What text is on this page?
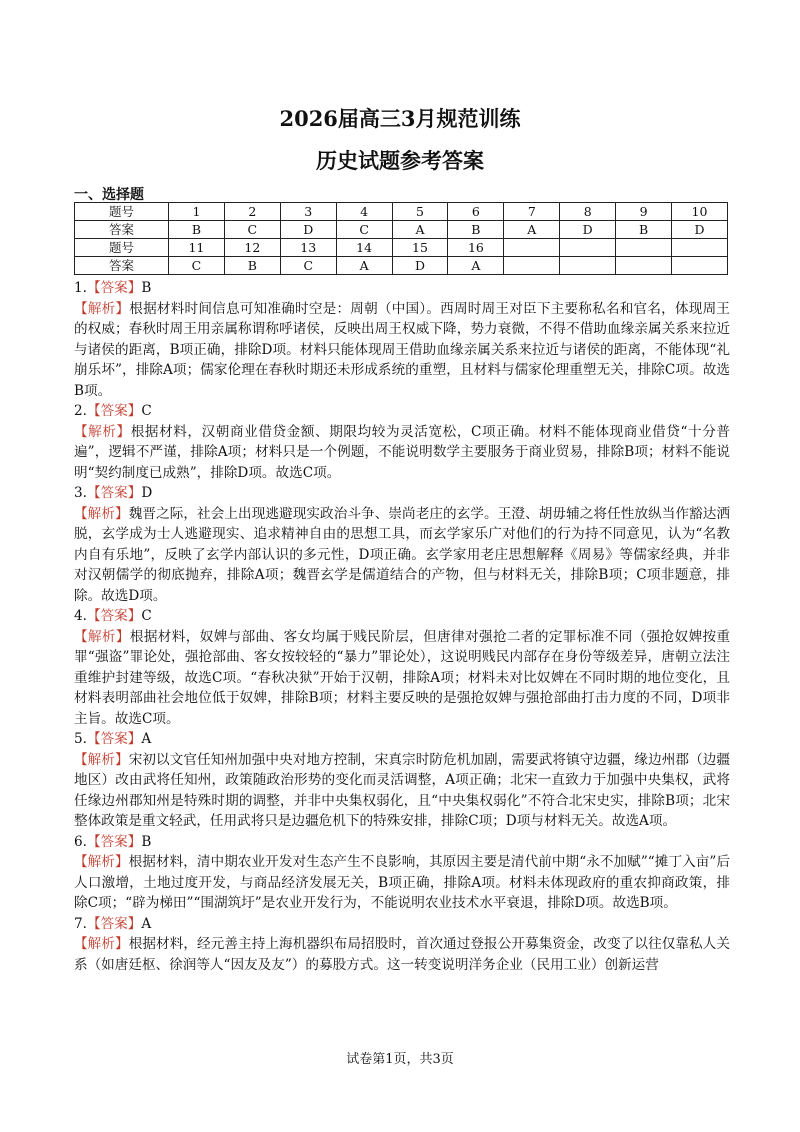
2026届高三3月规范训练
历史试题参考答案
一、选择题
题号	1	2	3	4	5	6	7	8	9	10
答案	B	C	D	C	A	B	A	D	B	D
题号	11	12	13	14	15	16				
答案	C	B	C	A	D	A				

1.【答案】B

【解析】根据材料时间信息可知准确时空是：周朝（中国）。西周时周王对臣下主要称私名和官名，体现周王的权威；春秋时周王用亲属称谓称呼诸侯，反映出周王权威下降，势力衰微，不得不借助血缘亲属关系来拉近与诸侯的距离，B项正确，排除D项。材料只能体现周王借助血缘亲属关系来拉近与诸侯的距离，不能体现“礼崩乐坏”，排除A项；儒家伦理在春秋时期还未形成系统的重塑，且材料与儒家伦理重塑无关，排除C项。故选B项。

2.【答案】C

【解析】根据材料，汉朝商业借贷金额、期限均较为灵活宽松，C项正确。材料不能体现商业借贷“十分普遍”，逻辑不严谨，排除A项；材料只是一个例题，不能说明数学主要服务于商业贸易，排除B项；材料不能说明“契约制度已成熟”，排除D项。故选C项。

3.【答案】D

【解析】魏晋之际，社会上出现逃避现实政治斗争、崇尚老庄的玄学。王澄、胡毋辅之将任性放纵当作豁达洒脱，玄学成为士人逃避现实、追求精神自由的思想工具，而玄学家乐广对他们的行为持不同意见，认为“名教内自有乐地”，反映了玄学内部认识的多元性，D项正确。玄学家用老庄思想解释《周易》等儒家经典，并非对汉朝儒学的彻底抛弃，排除A项；魏晋玄学是儒道结合的产物，但与材料无关，排除B项；C项非题意，排除。故选D项。

4.【答案】C

【解析】根据材料，奴婢与部曲、客女均属于贱民阶层，但唐律对强抢二者的定罪标准不同（强抢奴婢按重罪“强盗”罪论处，强抢部曲、客女按较轻的“暴力”罪论处），这说明贱民内部存在身份等级差异，唐朝立法注重维护封建等级，故选C项。“春秋决狱”开始于汉朝，排除A项；材料未对比奴婢在不同时期的地位变化，且材料表明部曲社会地位低于奴婢，排除B项；材料主要反映的是强抢奴婢与强抢部曲打击力度的不同，D项非主旨。故选C项。

5.【答案】A

【解析】宋初以文官任知州加强中央对地方控制，宋真宗时防危机加剧，需要武将镇守边疆，缘边州郡（边疆地区）改由武将任知州，政策随政治形势的变化而灵活调整，A项正确；北宋一直致力于加强中央集权，武将任缘边州郡知州是特殊时期的调整，并非中央集权弱化，且“中央集权弱化”不符合北宋史实，排除B项；北宋整体政策是重文轻武，任用武将只是边疆危机下的特殊安排，排除C项；D项与材料无关。故选A项。

6.【答案】B

【解析】根据材料，清中期农业开发对生态产生不良影响，其原因主要是清代前中期“永不加赋”“摊丁入亩”后人口激增，土地过度开发，与商品经济发展无关，B项正确，排除A项。材料未体现政府的重农抑商政策，排除C项；“辟为梯田”“围湖筑圩”是农业开发行为，不能说明农业技术水平衰退，排除D项。故选B项。

7.【答案】A

【解析】根据材料，经元善主持上海机器织布局招股时，首次通过登报公开募集资金，改变了以往仅靠私人关系（如唐廷枢、徐润等人“因友及友”）的募股方式。这一转变说明洋务企业（民用工业）创新运营

试卷第1页，共3页
